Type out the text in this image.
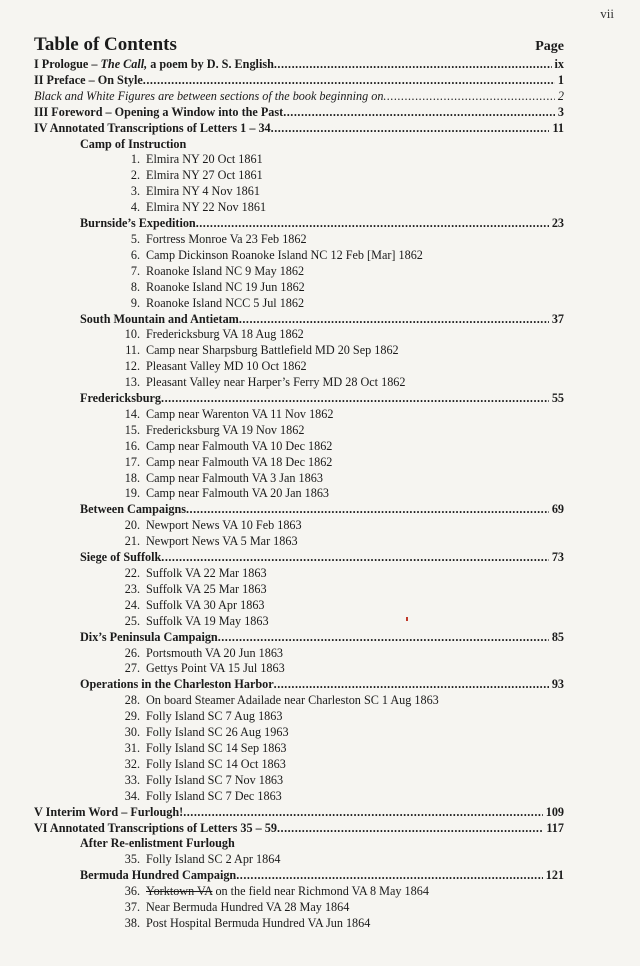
vii
Table of Contents	Page
I Prologue – The Call, a poem by D. S. English .....	ix
II Preface – On Style .....	1
Black and White Figures are between sections of the book beginning on .....	2
III Foreword – Opening a Window into the Past .....	3
IV Annotated Transcriptions of Letters 1 – 34 .....	11
Camp of Instruction
1. Elmira NY 20 Oct 1861
2. Elmira NY 27 Oct 1861
3. Elmira NY 4 Nov 1861
4. Elmira NY 22 Nov 1861
Burnside’s Expedition .....	23
5. Fortress Monroe Va 23 Feb 1862
6. Camp Dickinson Roanoke Island NC 12 Feb [Mar] 1862
7. Roanoke Island NC 9 May 1862
8. Roanoke Island NC 19 Jun 1862
9. Roanoke Island NCC 5 Jul 1862
South Mountain and Antietam .....	37
10. Fredericksburg VA 18 Aug 1862
11. Camp near Sharpsburg Battlefield MD 20 Sep 1862
12. Pleasant Valley MD 10 Oct 1862
13. Pleasant Valley near Harper’s Ferry MD 28 Oct 1862
Fredericksburg .....	55
14. Camp near Warenton VA 11 Nov 1862
15. Fredericksburg VA 19 Nov 1862
16. Camp near Falmouth VA 10 Dec 1862
17. Camp near Falmouth VA 18 Dec 1862
18. Camp near Falmouth VA 3 Jan 1863
19. Camp near Falmouth VA 20 Jan 1863
Between Campaigns .....	69
20. Newport News VA 10 Feb 1863
21. Newport News VA 5 Mar 1863
Siege of Suffolk .....	73
22. Suffolk VA 22 Mar 1863
23. Suffolk VA 25 Mar 1863
24. Suffolk VA 30 Apr 1863
25. Suffolk VA 19 May 1863
Dix’s Peninsula Campaign .....	85
26. Portsmouth VA 20 Jun 1863
27. Gettys Point VA 15 Jul 1863
Operations in the Charleston Harbor .....	93
28. On board Steamer Adailade near Charleston SC 1 Aug 1863
29. Folly Island SC 7 Aug 1863
30. Folly Island SC 26 Aug 1963
31. Folly Island SC 14 Sep 1863
32. Folly Island SC 14 Oct 1863
33. Folly Island SC 7 Nov 1863
34. Folly Island SC 7 Dec 1863
V Interim Word – Furlough! .....	109
VI Annotated Transcriptions of Letters 35 – 59 .....	117
After Re-enlistment Furlough
35. Folly Island SC 2 Apr 1864
Bermuda Hundred Campaign .....	121
36. Yorktown VA on the field near Richmond VA 8 May 1864
37. Near Bermuda Hundred VA 28 May 1864
38. Post Hospital Bermuda Hundred VA Jun 1864
